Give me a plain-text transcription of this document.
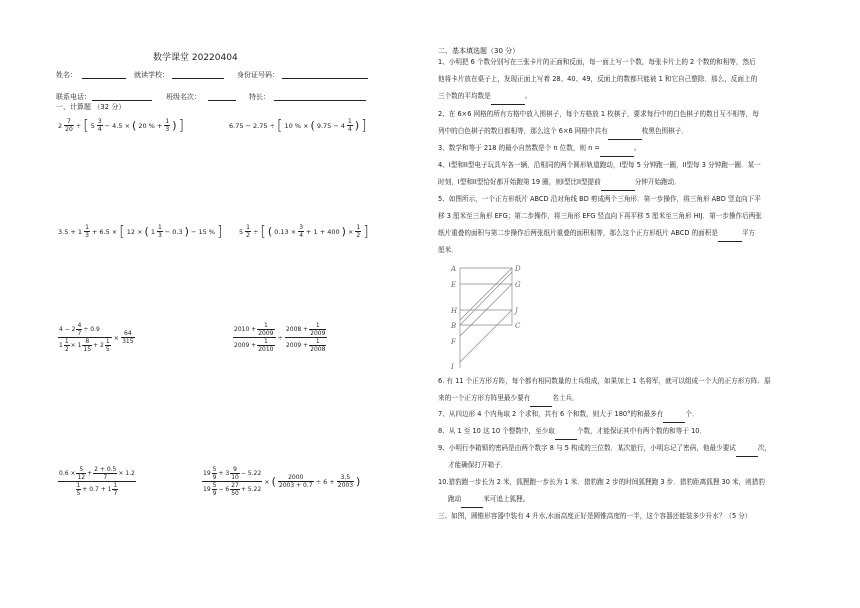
数学课堂 20220404
姓名：	就读学校：	身份证号码：
联系电话：	班级名次：	特长：
一、计算题 （32 分）
$2 \frac{7}{20}$ ÷ [ $5 \frac{3}{4} - 4.5$ × ( 20 % + $\frac{1}{3}$ ) ]	6.75 − 2.75 ÷ [ 10 % × ( $9.75 - 4 \frac{1}{4}$ ) ]
$3.5 + 1 \frac{1}{3} + 6.5$ × [ 12 × ( $1 \frac{1}{3} - 0.3$ ) − 15 % ]	$5 \frac{1}{2}$ ÷ [ ( $0.13 \times \frac{3}{4} + 1 + 400$ ) × $\frac{1}{2}$ ]
$\frac{4 - 2 \frac{4}{7} \div 0.9}{1 \frac{1}{2} \times 1 \frac{8}{15} + 2 \frac{1}{5}} \times \frac{64}{315}$	$\frac{2010 + \frac{1}{2009}}{2009 + \frac{1}{2010}} \div \frac{2008 + \frac{1}{2009}}{2009 + \frac{1}{2008}}$
$\frac{0.6 \times \frac{5}{12} + \frac{2 + 0.5}{7} \times 1.2}{\frac{1}{5} + 0.7 + 1 \frac{1}{7}}$	$\frac{19 \frac{5}{9} + 3 \frac{9}{10} - 5.22}{19 \frac{5}{9} - 6 \frac{27}{50} + 5.22}$ × ( $\frac{2000}{2003 + 0.7} \div 6 + \frac{3.5}{2003}$ )
二、基本填选题（30 分）

1、小明把 6 个数分别写在三张卡片的正面和反面，每一面上写一个数，每张卡片上的 2 个数的和相等，然后

他将卡片放在桌子上，发现正面上写着 28、40、49，反面上的数都只能被 1 和它自己整除．那么，反面上的

三个数的平均数是	。

2、在 6×6 网格的所有方格中放入围棋子，每个方格放 1 枚棋子，要求每行中的白色棋子的数目互不相等，每

列中的白色棋子的数目都相等，那么这个 6×6 网格中共有	枚黑色围棋子．

3、数学和等于 218 的最小自然数是个 n 位数，则 n =	。

4、I型和II型电子玩具车各一辆，沿相同的两个圆形轨道跑动，I型每 5 分钟跑一圈，II型每 3 分钟跑一圈．某一

时刻，I型和II型恰好都开始跑第 19 圈，则I型比II型提前	分钟开始跑动．

5、如图所示，一个正方形纸片 ABCD 沿对角线 BD 剪成两个三角形．第一步操作，将三角形 ABD 竖直向下平

移 3 厘米至三角形 EFG；第二步操作，将三角形 EFG 竖直向下再平移 5 厘米至三角形 HIJ．第一步操作后两张

纸片重叠的面积与第二步操作后两张纸片重叠的面积相等，那么这个正方形纸片 ABCD 的面积是	平方

厘米．

A	D
E	G
H	J
B	C
F
I

6. 有 11 个正方形方阵，每个都有相同数量的士兵组成，如果加上 1 名将军，就可以组成一个大的正方形方阵．原

来的一个正方形方阵里最少要有	名士兵．

7、从四边形 4 个内角取 2 个求和，共有 6 个和数，则大于 180°的和最多有	个．

8、从 1 至 10 这 10 个整数中，至少取	个数，才能保证其中有两个数的和等于 10．

9、小明行李箱锁的密码是由两个数字 8 与 5 构成的三位数．某次旅行，小明忘记了密码，他最少要试	次，

才能确保打开箱子．

10.猎豹跑一步长为 2 米，狐狸跑一步长为 1 米．猎豹跑 2 步的时间狐狸跑 3 步．猎豹距离狐狸 30 米，则猎豹

跑动	米可追上狐狸。

三、如图，圆锥形容器中装有 4 升水,水面高度正好是圆锥高度的一半，这个容器还能装多少升水？（5 分）
